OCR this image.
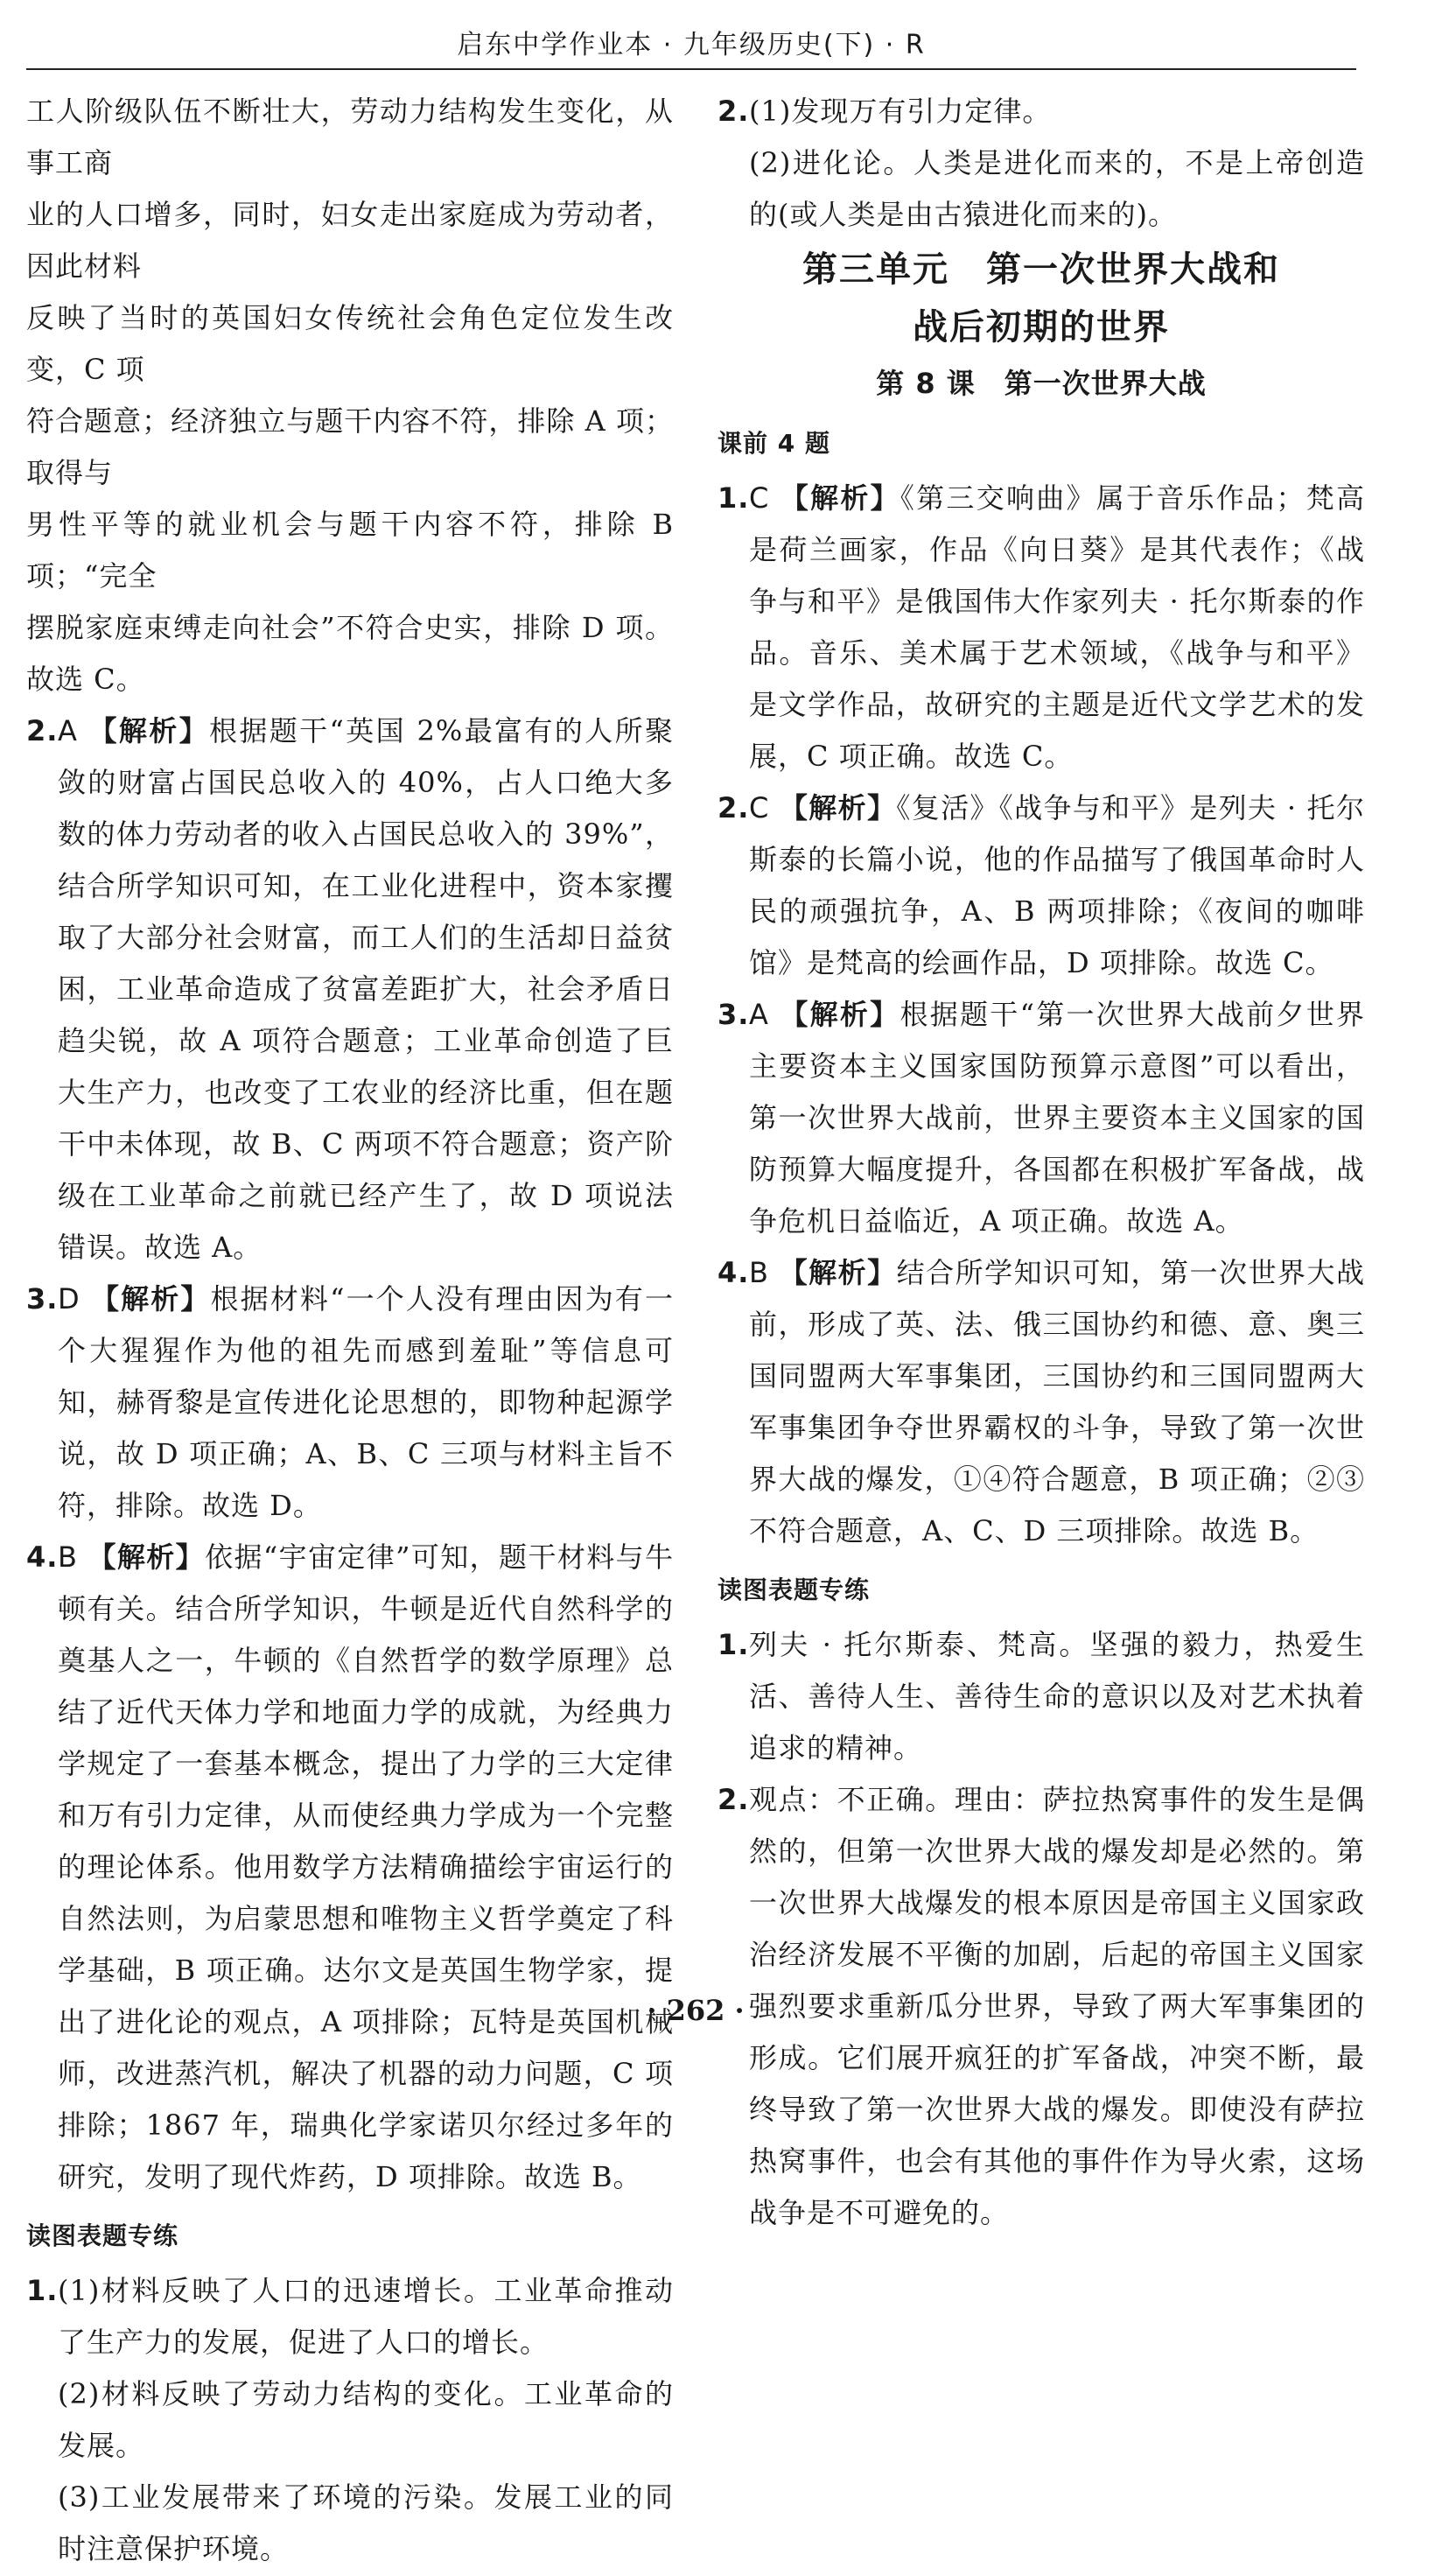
启东中学作业本 · 九年级历史(下) · R

工人阶级队伍不断壮大，劳动力结构发生变化，从事工商

业的人口增多，同时，妇女走出家庭成为劳动者，因此材料

反映了当时的英国妇女传统社会角色定位发生改变，C 项

符合题意；经济独立与题干内容不符，排除 A 项；取得与

男性平等的就业机会与题干内容不符，排除 B 项；“完全

摆脱家庭束缚走向社会”不符合史实，排除 D 项。故选 C。

2. A 【解析】根据题干“英国 2%最富有的人所聚敛的财富占国民总收入的 40%，占人口绝大多数的体力劳动者的收入占国民总收入的 39%”，结合所学知识可知，在工业化进程中，资本家攫取了大部分社会财富，而工人们的生活却日益贫困，工业革命造成了贫富差距扩大，社会矛盾日趋尖锐，故 A 项符合题意；工业革命创造了巨大生产力，也改变了工农业的经济比重，但在题干中未体现，故 B、C 两项不符合题意；资产阶级在工业革命之前就已经产生了，故 D 项说法错误。故选 A。
3. D 【解析】根据材料“一个人没有理由因为有一个大猩猩作为他的祖先而感到羞耻”等信息可知，赫胥黎是宣传进化论思想的，即物种起源学说，故 D 项正确；A、B、C 三项与材料主旨不符，排除。故选 D。
4. B 【解析】依据“宇宙定律”可知，题干材料与牛顿有关。结合所学知识，牛顿是近代自然科学的奠基人之一，牛顿的《自然哲学的数学原理》总结了近代天体力学和地面力学的成就，为经典力学规定了一套基本概念，提出了力学的三大定律和万有引力定律，从而使经典力学成为一个完整的理论体系。他用数学方法精确描绘宇宙运行的自然法则，为启蒙思想和唯物主义哲学奠定了科学基础，B 项正确。达尔文是英国生物学家，提出了进化论的观点，A 项排除；瓦特是英国机械师，改进蒸汽机，解决了机器的动力问题，C 项排除；1867 年，瑞典化学家诺贝尔经过多年的研究，发明了现代炸药，D 项排除。故选 B。
读图表题专练
1. (1)材料反映了人口的迅速增长。工业革命推动了生产力的发展，促进了人口的增长。

(2)材料反映了劳动力结构的变化。工业革命的发展。

(3)工业发展带来了环境的污染。发展工业的同时注意保护环境。

2. (1)发现万有引力定律。

(2)进化论。人类是进化而来的，不是上帝创造的(或人类是由古猿进化而来的)。

第三单元　第一次世界大战和
战后初期的世界
第 8 课　第一次世界大战
课前 4 题
1. C 【解析】《第三交响曲》属于音乐作品；梵高是荷兰画家，作品《向日葵》是其代表作；《战争与和平》是俄国伟大作家列夫 · 托尔斯泰的作品。音乐、美术属于艺术领域，《战争与和平》是文学作品，故研究的主题是近代文学艺术的发展，C 项正确。故选 C。
2. C 【解析】《复活》《战争与和平》是列夫 · 托尔斯泰的长篇小说，他的作品描写了俄国革命时人民的顽强抗争，A、B 两项排除；《夜间的咖啡馆》是梵高的绘画作品，D 项排除。故选 C。
3. A 【解析】根据题干“第一次世界大战前夕世界主要资本主义国家国防预算示意图”可以看出，第一次世界大战前，世界主要资本主义国家的国防预算大幅度提升，各国都在积极扩军备战，战争危机日益临近，A 项正确。故选 A。
4. B 【解析】结合所学知识可知，第一次世界大战前，形成了英、法、俄三国协约和德、意、奥三国同盟两大军事集团，三国协约和三国同盟两大军事集团争夺世界霸权的斗争，导致了第一次世界大战的爆发，①④符合题意，B 项正确；②③不符合题意，A、C、D 三项排除。故选 B。
读图表题专练
1. 列夫 · 托尔斯泰、梵高。坚强的毅力，热爱生活、善待人生、善待生命的意识以及对艺术执着追求的精神。
2. 观点：不正确。理由：萨拉热窝事件的发生是偶然的，但第一次世界大战的爆发却是必然的。第一次世界大战爆发的根本原因是帝国主义国家政治经济发展不平衡的加剧，后起的帝国主义国家强烈要求重新瓜分世界，导致了两大军事集团的形成。它们展开疯狂的扩军备战，冲突不断，最终导致了第一次世界大战的爆发。即使没有萨拉热窝事件，也会有其他的事件作为导火索，这场战争是不可避免的。
· 262 ·
